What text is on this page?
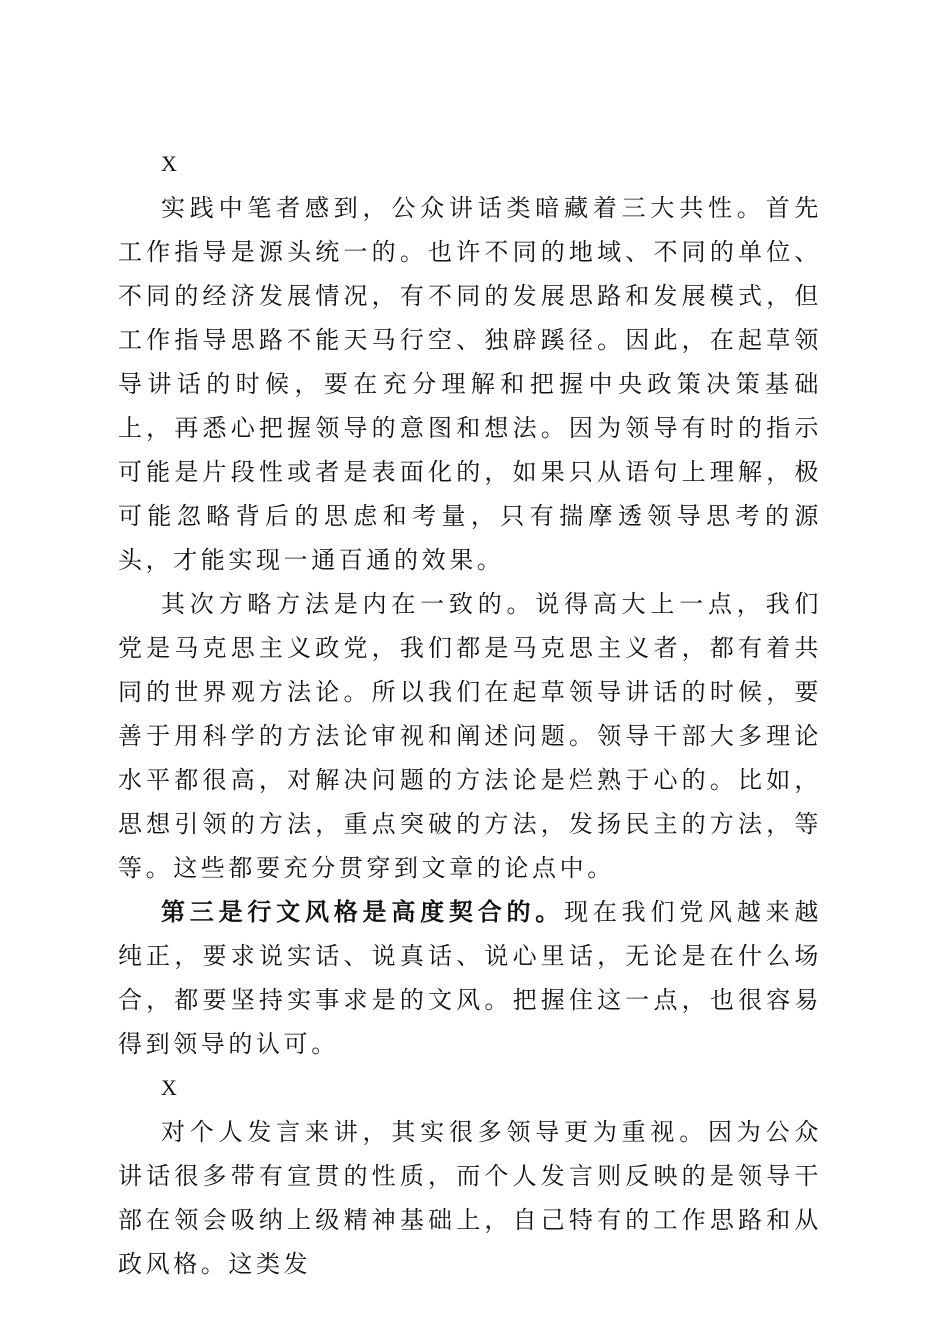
X

实践中笔者感到，公众讲话类暗藏着三大共性。首先工作指导是源头统一的。也许不同的地域、不同的单位、不同的经济发展情况，有不同的发展思路和发展模式，但工作指导思路不能天马行空、独辟蹊径。因此，在起草领导讲话的时候，要在充分理解和把握中央政策决策基础上，再悉心把握领导的意图和想法。因为领导有时的指示可能是片段性或者是表面化的，如果只从语句上理解，极可能忽略背后的思虑和考量，只有揣摩透领导思考的源头，才能实现一通百通的效果。

其次方略方法是内在一致的。说得高大上一点，我们党是马克思主义政党，我们都是马克思主义者，都有着共同的世界观方法论。所以我们在起草领导讲话的时候，要善于用科学的方法论审视和阐述问题。领导干部大多理论水平都很高，对解决问题的方法论是烂熟于心的。比如，思想引领的方法，重点突破的方法，发扬民主的方法，等等。这些都要充分贯穿到文章的论点中。

第三是行文风格是高度契合的。现在我们党风越来越纯正，要求说实话、说真话、说心里话，无论是在什么场合，都要坚持实事求是的文风。把握住这一点，也很容易得到领导的认可。

X

对个人发言来讲，其实很多领导更为重视。因为公众讲话很多带有宣贯的性质，而个人发言则反映的是领导干部在领会吸纳上级精神基础上，自己特有的工作思路和从政风格。这类发
